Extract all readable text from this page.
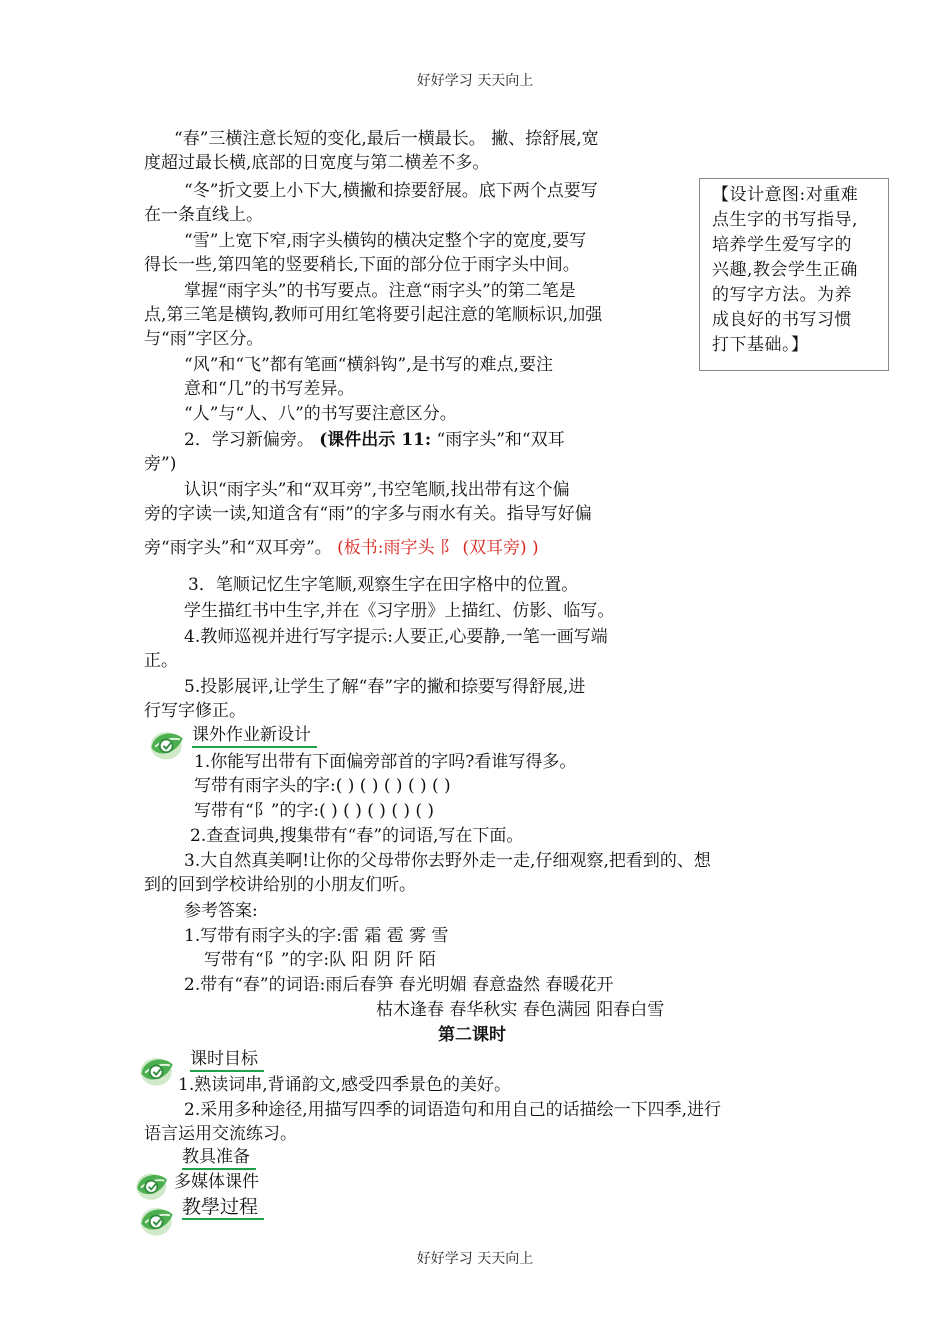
好好学习 天天向上
【设计意图:对重难
点生字的书写指导,
培养学生爱写字的
兴趣,教会学生正确
的写字方法。为养
成良好的书写习惯
打下基础。】
“春”三横注意长短的变化,最后一横最长。 撇、捺舒展,宽
度超过最长横,底部的日宽度与第二横差不多。
“冬”折文要上小下大,横撇和捺要舒展。底下两个点要写
在一条直线上。
“雪”上宽下窄,雨字头横钩的横决定整个字的宽度,要写
得长一些,第四笔的竖要稍长,下面的部分位于雨字头中间。
掌握“雨字头”的书写要点。注意“雨字头”的第二笔是
点,第三笔是横钩,教师可用红笔将要引起注意的笔顺标识,加强
与“雨”字区分。
“风”和“飞”都有笔画“横斜钩”,是书写的难点,要注
意和“几”的书写差异。
“人”与“人、八”的书写要注意区分。
2．学习新偏旁。 (课件出示 11: “雨字头”和“双耳
旁”)
认识“雨字头”和“双耳旁”,书空笔顺,找出带有这个偏
旁的字读一读,知道含有“雨”的字多与雨水有关。指导写好偏
旁“雨字头”和“双耳旁”。 (板书:雨字头 阝 (双耳旁) )
3．笔顺记忆生字笔顺,观察生字在田字格中的位置。
学生描红书中生字,并在《习字册》上描红、仿影、临写。
4.教师巡视并进行写字提示:人要正,心要静,一笔一画写端
正。
5.投影展评,让学生了解“春”字的撇和捺要写得舒展,进
行写字修正。
课外作业新设计
1.你能写出带有下面偏旁部首的字吗?看谁写得多。
写带有雨字头的字:( ) ( ) ( ) ( ) ( )
写带有“阝”的字:( ) ( ) ( ) ( ) ( )
2.查查词典,搜集带有“春”的词语,写在下面。
3.大自然真美啊!让你的父母带你去野外走一走,仔细观察,把看到的、想
到的回到学校讲给别的小朋友们听。
参考答案:
1.写带有雨字头的字:雷 霜 雹 雾 雪
写带有“阝”的字:队 阳 阴 阡 陌
2.带有“春”的词语:雨后春笋 春光明媚 春意盎然 春暖花开
枯木逢春 春华秋实 春色满园 阳春白雪
第二课时
课时目标
1.熟读词串,背诵韵文,感受四季景色的美好。
2.采用多种途径,用描写四季的词语造句和用自己的话描绘一下四季,进行
语言运用交流练习。
教具准备
多媒体课件
教學过程
好好学习 天天向上
